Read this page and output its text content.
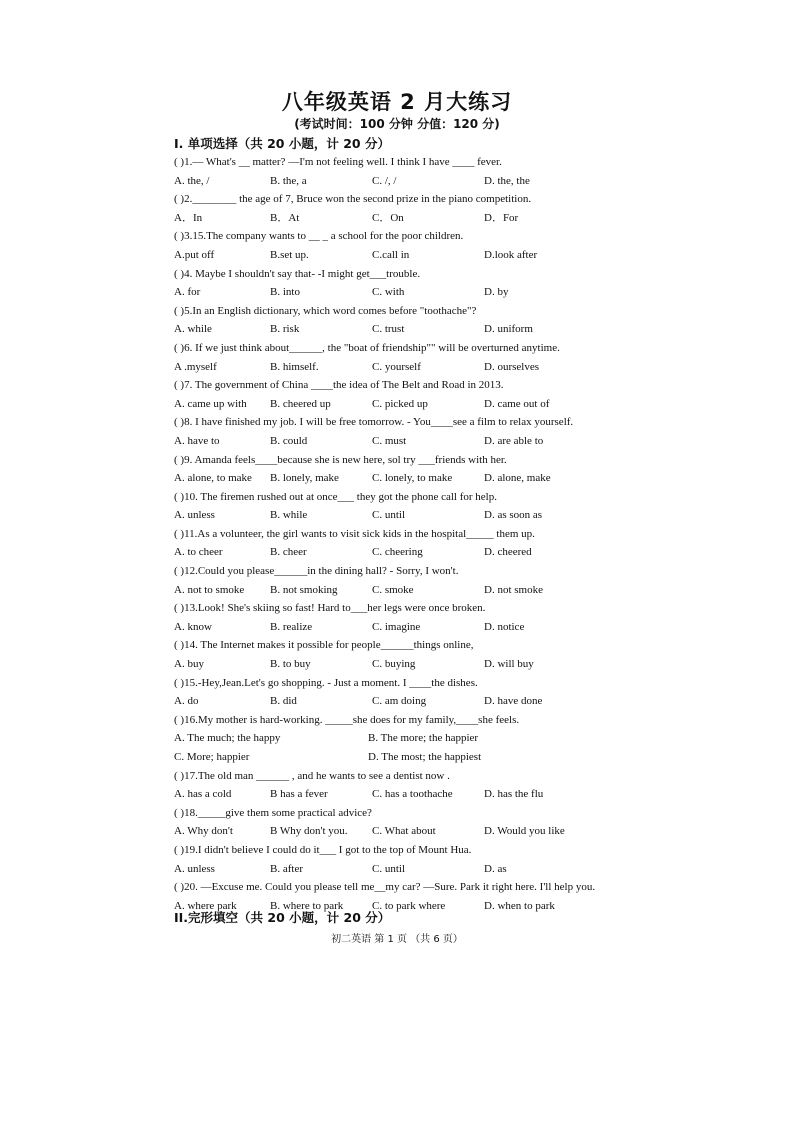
八年级英语 2 月大练习
(考试时间：100 分钟 分值：120 分)
I. 单项选择（共 20 小题，计 20 分）
( )1.— What's __ matter? —I'm not feeling well. I think I have ____ fever.
A. the, /	B. the, a	C. /, /	D. the, the
( )2.________ the age of 7, Bruce won the second prize in the piano competition.
A．In	B．At	C．On	D．For
( )3.15.The company wants to __ _ a school for the poor children.
A.put off	B.set up.	C.call in	D.look after
( )4. Maybe I shouldn't say that- -I might get___trouble.
A. for	B. into	C. with	D. by
( )5.In an English dictionary, which word comes before "toothache"?
A. while	B. risk	C. trust	D. uniform
( )6. If we just think about______, the "boat of friendship"" will be overturned anytime.
A .myself	B. himself.	C. yourself	D. ourselves
( )7. The government of China ____the idea of The Belt and Road in 2013.
A. came up with B. cheered up	C. picked up	D. came out of
( )8. I have finished my job. I will be free tomorrow. - You____see a film to relax yourself.
A. have to	B. could	C. must	D. are able to
( )9. Amanda feels____because she is new here, sol try ___friends with her.
A. alone, to make B. lonely, make	C. lonely, to make	D. alone, make
( )10. The firemen rushed out at once___ they got the phone call for help.
A. unless	B. while	C. until	D. as soon as
( )11.As a volunteer, the girl wants to visit sick kids in the hospital_____ them up.
A. to cheer	B. cheer	C. cheering	D. cheered
( )12.Could you please______in the dining hall? - Sorry, I won't.
A. not to smoke B. not smoking	C. smoke	D. not smoke
( )13.Look! She's skiing so fast! Hard to___her legs were once broken.
A. know	B. realize	C. imagine	D. notice
( )14. The Internet makes it possible for people______things online,
A. buy	B. to buy	C. buying	D. will buy
( )15.-Hey,Jean.Let's go shopping. - Just a moment. I ____the dishes.
A. do	B. did	C. am doing	D. have done
( )16.My mother is hard-working. _____she does for my family,____she feels.
A. The much; the happy	B. The more; the happier
C. More; happier	D. The most; the happiest
( )17.The old man ______ , and he wants to see a dentist now .
A. has a cold	B has a fever	C. has a toothache	D. has the flu
( )18._____give them some practical advice?
A. Why don't	B Why don't you. C. What about	D. Would you like
( )19.I didn't believe I could do it___ I got to the top of Mount Hua.
A. unless	B. after	C. until	D. as
( )20. —Excuse me. Could you please tell me__my car? —Sure. Park it right here. I'll help you.
A. where park	B. where to park	C. to park where	D. when to park
II.完形填空（共 20 小题，计 20 分）
初二英语 第 1 页 （共 6 页）
